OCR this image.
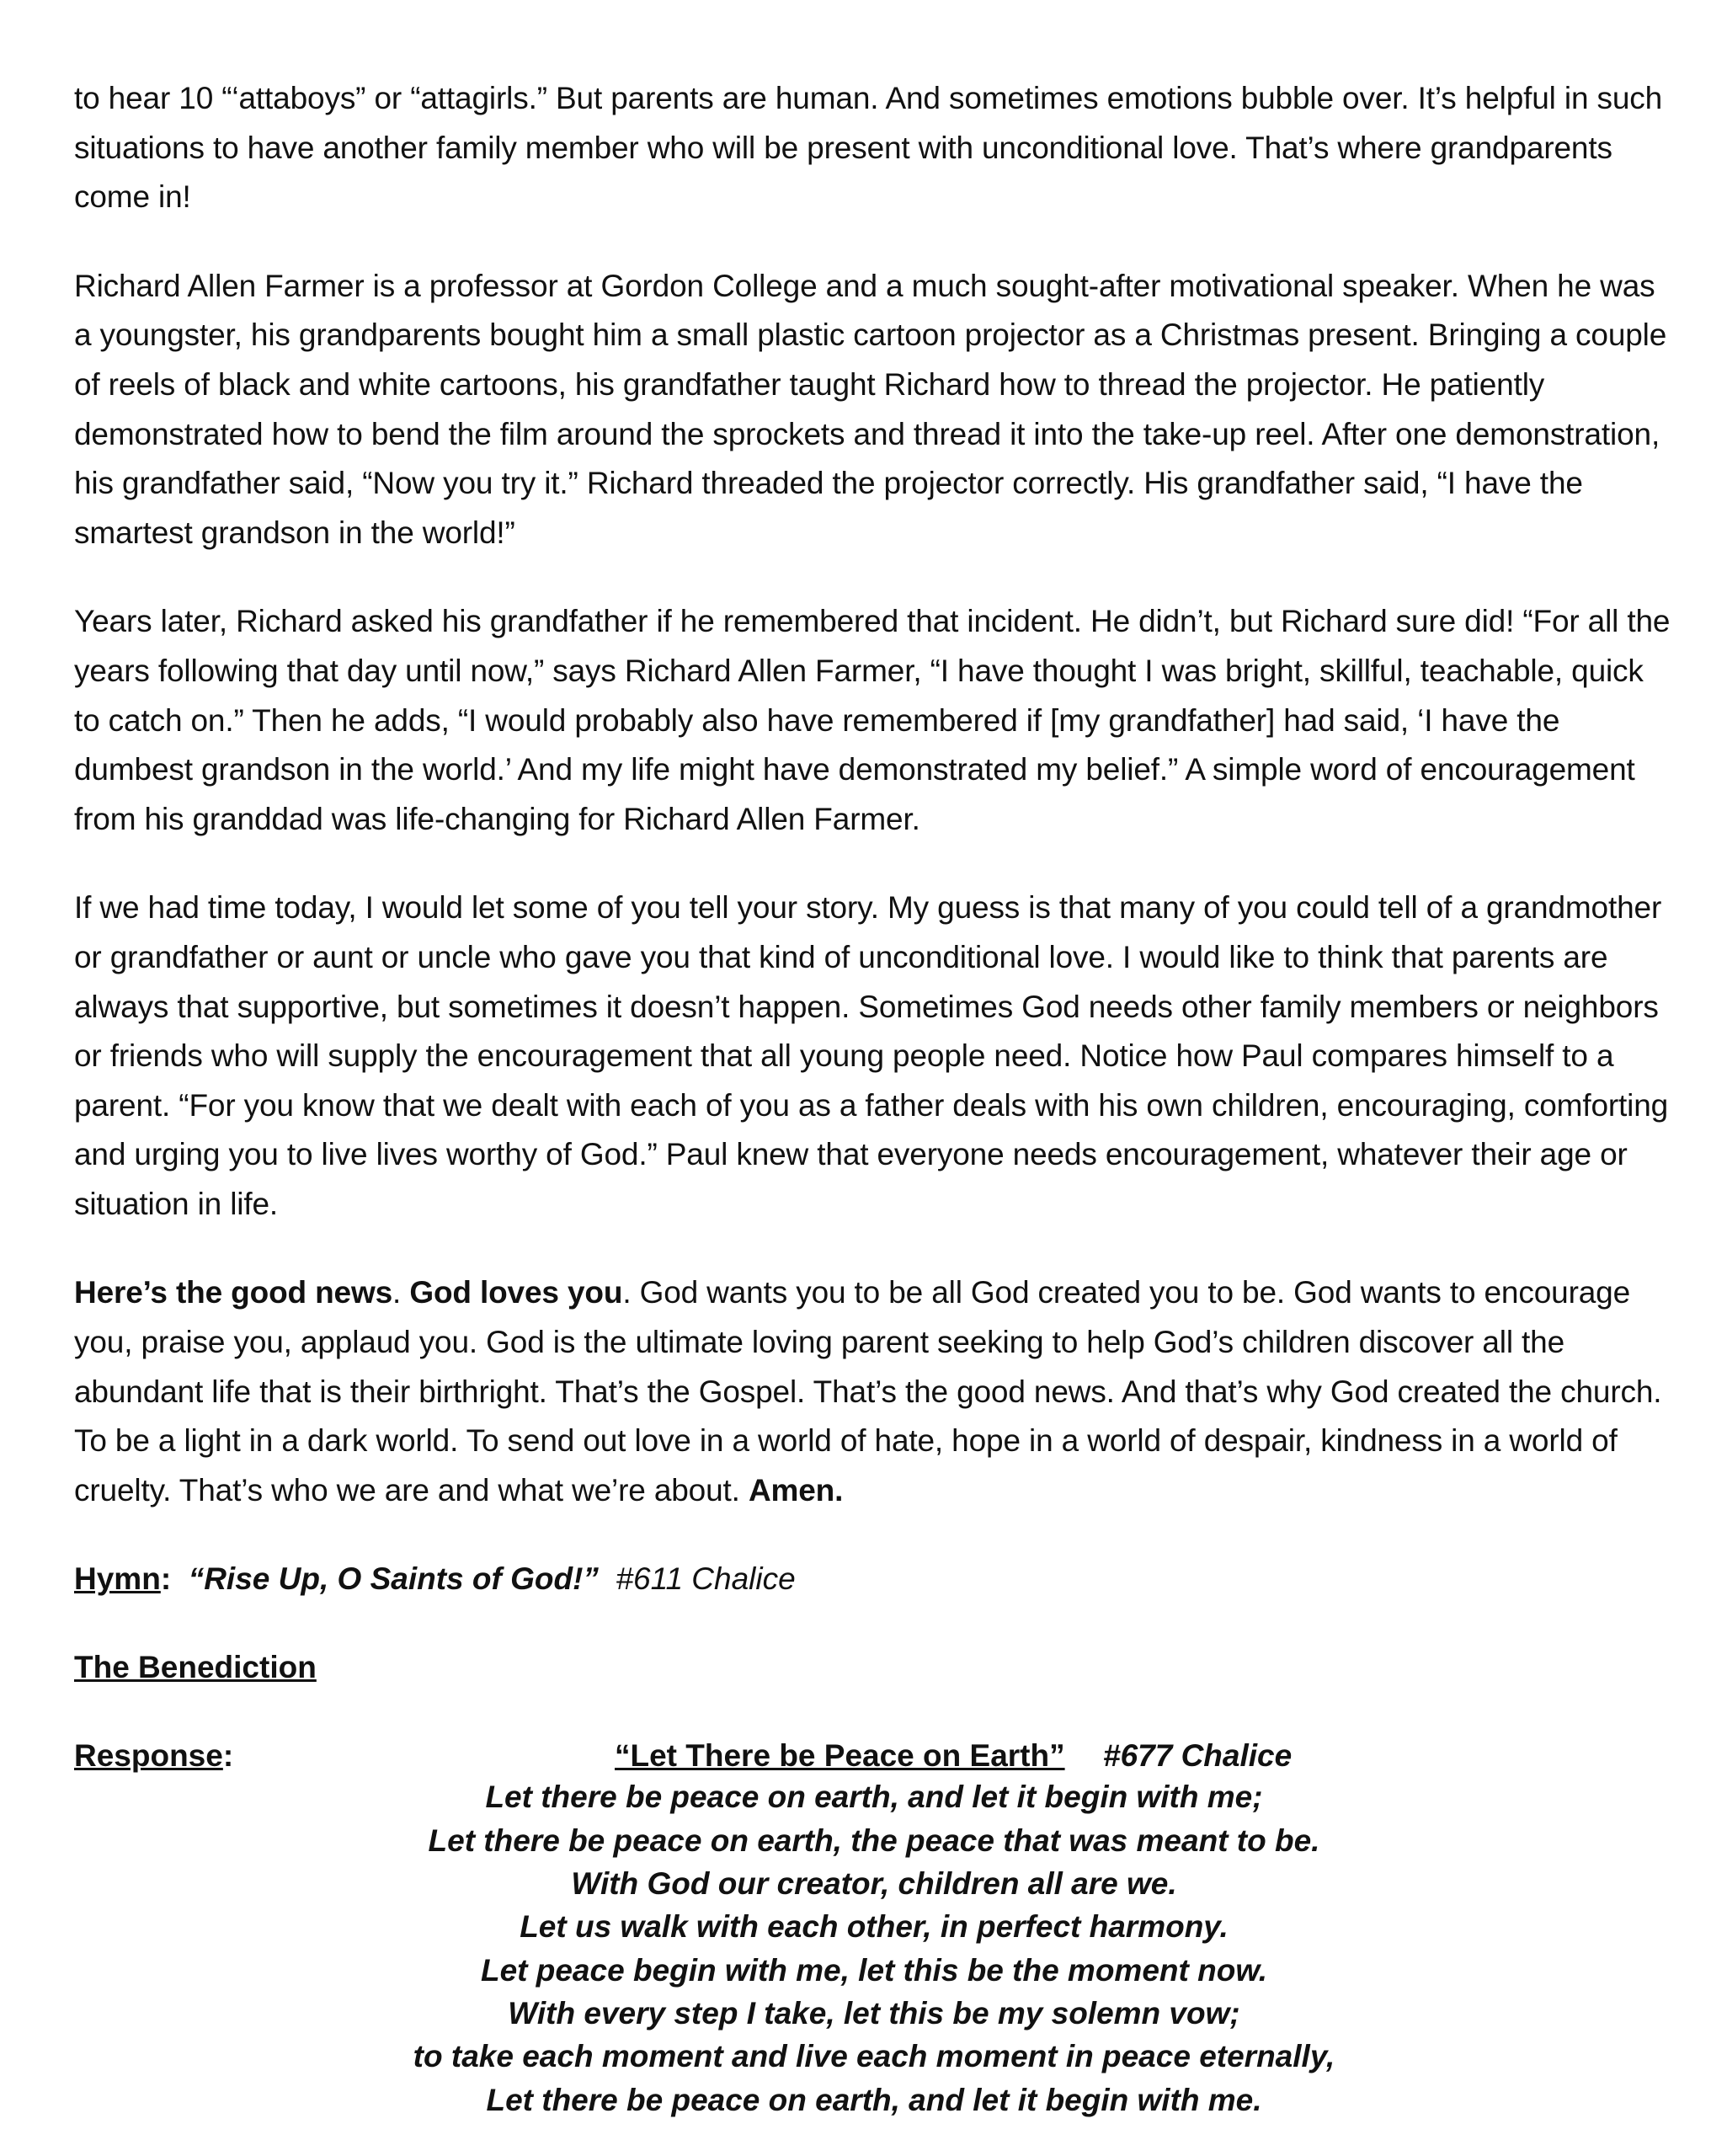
to hear 10 “‘attaboys” or “attagirls.” But parents are human. And sometimes emotions bubble over. It’s helpful in such situations to have another family member who will be present with unconditional love. That’s where grandparents come in!

Richard Allen Farmer is a professor at Gordon College and a much sought-after motivational speaker. When he was a youngster, his grandparents bought him a small plastic cartoon projector as a Christmas present. Bringing a couple of reels of black and white cartoons, his grandfather taught Richard how to thread the projector. He patiently demonstrated how to bend the film around the sprockets and thread it into the take-up reel. After one demonstration, his grandfather said, “Now you try it.” Richard threaded the projector correctly. His grandfather said, “I have the smartest grandson in the world!”

Years later, Richard asked his grandfather if he remembered that incident. He didn’t, but Richard sure did! “For all the years following that day until now,” says Richard Allen Farmer, “I have thought I was bright, skillful, teachable, quick to catch on.” Then he adds, “I would probably also have remembered if [my grandfather] had said, ‘I have the dumbest grandson in the world.’ And my life might have demonstrated my belief.” A simple word of encouragement from his granddad was life-changing for Richard Allen Farmer.

If we had time today, I would let some of you tell your story. My guess is that many of you could tell of a grandmother or grandfather or aunt or uncle who gave you that kind of unconditional love. I would like to think that parents are always that supportive, but sometimes it doesn’t happen. Sometimes God needs other family members or neighbors or friends who will supply the encouragement that all young people need. Notice how Paul compares himself to a parent. “For you know that we dealt with each of you as a father deals with his own children, encouraging, comforting and urging you to live lives worthy of God.” Paul knew that everyone needs encouragement, whatever their age or situation in life.

Here’s the good news. God loves you. God wants you to be all God created you to be. God wants to encourage you, praise you, applaud you. God is the ultimate loving parent seeking to help God’s children discover all the abundant life that is their birthright. That’s the Gospel. That’s the good news. And that’s why God created the church. To be a light in a dark world. To send out love in a world of hate, hope in a world of despair, kindness in a world of cruelty. That’s who we are and what we’re about. Amen.

Hymn:  “Rise Up, O Saints of God!”  #611 Chalice
The Benediction
Response:	“Let There be Peace on Earth” #677 Chalice
Let there be peace on earth, and let it begin with me;
Let there be peace on earth, the peace that was meant to be.
With God our creator, children all are we.
Let us walk with each other, in perfect harmony.
Let peace begin with me, let this be the moment now.
With every step I take, let this be my solemn vow;
to take each moment and live each moment in peace eternally,
Let there be peace on earth, and let it begin with me.
